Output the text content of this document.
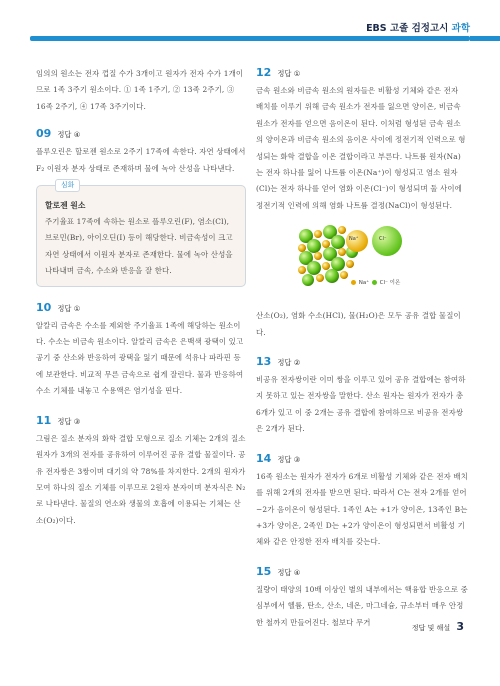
EBS 고졸 검정고시 과학

임의의 원소는 전자 껍질 수가 3개이고 원자가 전자 수가 1개이므로 1족 3주기 원소이다. ① 1족 1주기, ② 13족 2주기, ③ 16족 2주기, ④ 17족 3주기이다.

09 정답 ④

플루오린은 할로젠 원소로 2주기 17족에 속한다. 자연 상태에서 F₂ 이원자 분자 상태로 존재하며 물에 녹아 산성을 나타낸다.

심화
할로젠 원소

주기율표 17족에 속하는 원소로 플루오린(F), 염소(Cl), 브로민(Br), 아이오딘(I) 등이 해당한다. 비금속성이 크고 자연 상태에서 이원자 분자로 존재한다. 물에 녹아 산성을 나타내며 금속, 수소와 반응을 잘 한다.

10 정답 ①

알칼리 금속은 수소를 제외한 주기율표 1족에 해당하는 원소이다. 수소는 비금속 원소이다. 알칼리 금속은 은백색 광택이 있고 공기 중 산소와 반응하여 광택을 잃기 때문에 석유나 파라핀 등에 보관한다. 비교적 무른 금속으로 쉽게 잘린다. 물과 반응하여 수소 기체를 내놓고 수용액은 염기성을 띤다.

11 정답 ③

그림은 질소 분자의 화학 결합 모형으로 질소 기체는 2개의 질소 원자가 3개의 전자를 공유하여 이루어진 공유 결합 물질이다. 공유 전자쌍은 3쌍이며 대기의 약 78%를 차지한다. 2개의 원자가 모여 하나의 질소 기체를 이루므로 2원자 분자이며 분자식은 N₂로 나타낸다. 물질의 연소와 생물의 호흡에 이용되는 기체는 산소(O₂)이다.

12 정답 ①

금속 원소와 비금속 원소의 원자들은 비활성 기체와 같은 전자 배치를 이루기 위해 금속 원소가 전자를 잃으면 양이온, 비금속 원소가 전자를 얻으면 음이온이 된다. 이처럼 형성된 금속 원소의 양이온과 비금속 원소의 음이온 사이에 정전기적 인력으로 형성되는 화학 결합을 이온 결합이라고 부른다. 나트륨 원자(Na)는 전자 하나를 잃어 나트륨 이온(Na⁺)이 형성되고 염소 원자(Cl)는 전자 하나를 얻어 염화 이온(Cl⁻)이 형성되며 둘 사이에 정전기적 인력에 의해 염화 나트륨 결정(NaCl)이 형성된다.

Na⁺	Cl⁻
Na⁺ Cl⁻ 이온

산소(O₂), 염화 수소(HCl), 물(H₂O)은 모두 공유 결합 물질이다.

13 정답 ②

비공유 전자쌍이란 이미 쌍을 이루고 있어 공유 결합에는 참여하지 못하고 있는 전자쌍을 말한다. 산소 원자는 원자가 전자가 총 6개가 있고 이 중 2개는 공유 결합에 참여하므로 비공유 전자쌍은 2개가 된다.

14 정답 ③

16족 원소는 원자가 전자가 6개로 비활성 기체와 같은 전자 배치를 위해 2개의 전자를 받으면 된다. 따라서 C는 전자 2개를 얻어 −2가 음이온이 형성된다. 1족인 A는 +1가 양이온, 13족인 B는 +3가 양이온, 2족인 D는 +2가 양이온이 형성되면서 비활성 기체와 같은 안정한 전자 배치를 갖는다.

15 정답 ④

질량이 태양의 10배 이상인 별의 내부에서는 핵융합 반응으로 중심부에서 헬륨, 탄소, 산소, 네온, 마그네슘, 규소부터 매우 안정한 철까지 만들어진다. 철보다 무거

정답 및 해설 3
